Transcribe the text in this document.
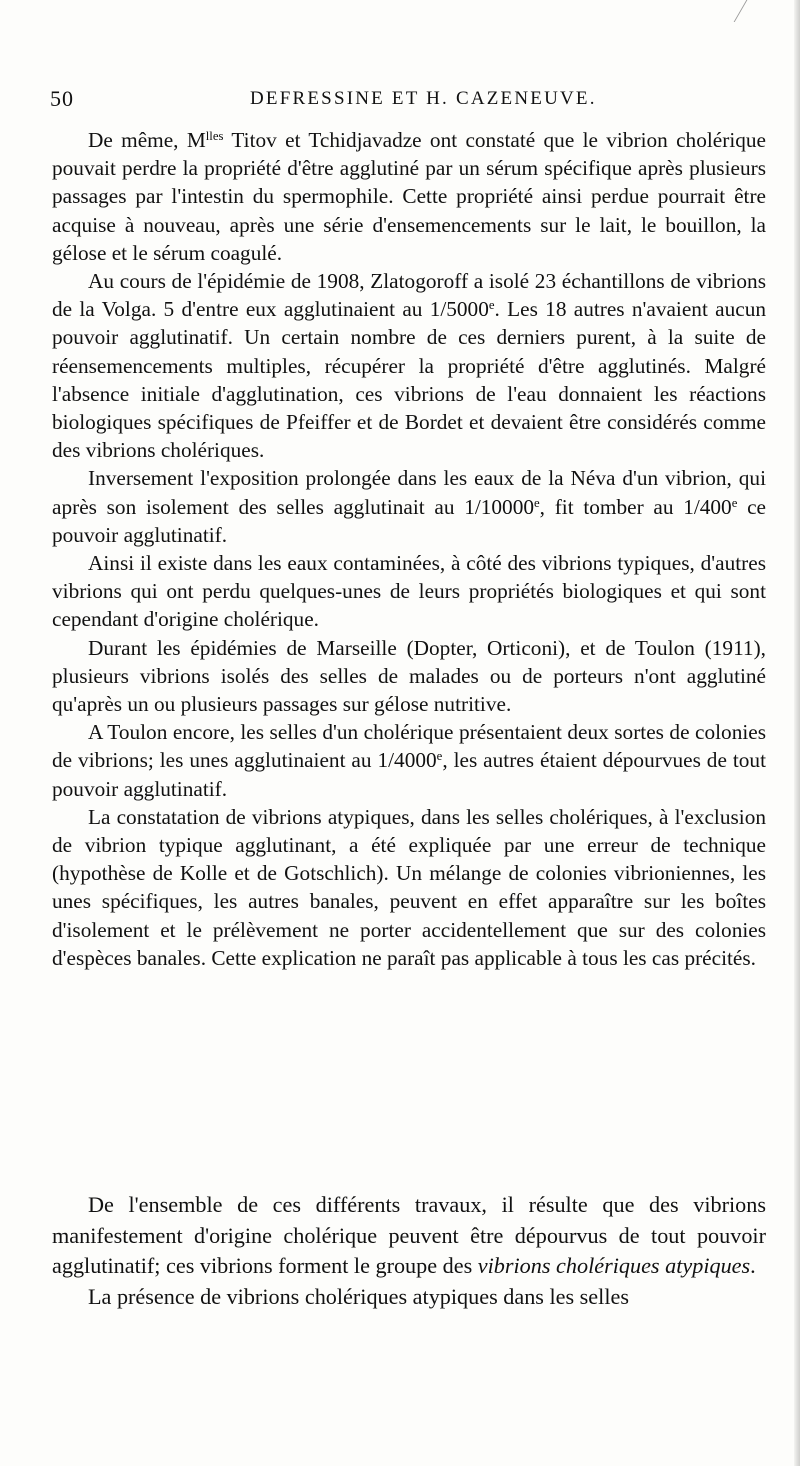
50	DEFRESSINE ET H. CAZENEUVE.

De même, $M^{lles}$ Titov et Tchidjavadze ont constaté que le vibrion cholérique pouvait perdre la propriété d'être agglutiné par un sérum spécifique après plusieurs passages par l'intestin du spermophile. Cette propriété ainsi perdue pourrait être acquise à nouveau, après une série d'ensemencements sur le lait, le bouillon, la gélose et le sérum coagulé.

Au cours de l'épidémie de 1908, Zlatogoroff a isolé 23 échantillons de vibrions de la Volga. 5 d'entre eux agglutinaient au 1/5000e. Les 18 autres n'avaient aucun pouvoir agglutinatif. Un certain nombre de ces derniers purent, à la suite de réensemencements multiples, récupérer la propriété d'être agglutinés. Malgré l'absence initiale d'agglutination, ces vibrions de l'eau donnaient les réactions biologiques spécifiques de Pfeiffer et de Bordet et devaient être considérés comme des vibrions cholériques.

Inversement l'exposition prolongée dans les eaux de la Néva d'un vibrion, qui après son isolement des selles agglutinait au 1/10000e, fit tomber au 1/400e ce pouvoir agglutinatif.

Ainsi il existe dans les eaux contaminées, à côté des vibrions typiques, d'autres vibrions qui ont perdu quelques-unes de leurs propriétés biologiques et qui sont cependant d'origine cholérique.

Durant les épidémies de Marseille (Dopter, Orticoni), et de Toulon (1911), plusieurs vibrions isolés des selles de malades ou de porteurs n'ont agglutiné qu'après un ou plusieurs passages sur gélose nutritive.

A Toulon encore, les selles d'un cholérique présentaient deux sortes de colonies de vibrions; les unes agglutinaient au 1/4000e, les autres étaient dépourvues de tout pouvoir agglutinatif.

La constatation de vibrions atypiques, dans les selles cholériques, à l'exclusion de vibrion typique agglutinant, a été expliquée par une erreur de technique (hypothèse de Kolle et de Gotschlich). Un mélange de colonies vibrioniennes, les unes spécifiques, les autres banales, peuvent en effet apparaître sur les boîtes d'isolement et le prélèvement ne porter accidentellement que sur des colonies d'espèces banales. Cette explication ne paraît pas applicable à tous les cas précités.

De l'ensemble de ces différents travaux, il résulte que des vibrions manifestement d'origine cholérique peuvent être dépourvus de tout pouvoir agglutinatif; ces vibrions forment le groupe des vibrions cholériques atypiques.

La présence de vibrions cholériques atypiques dans les selles
